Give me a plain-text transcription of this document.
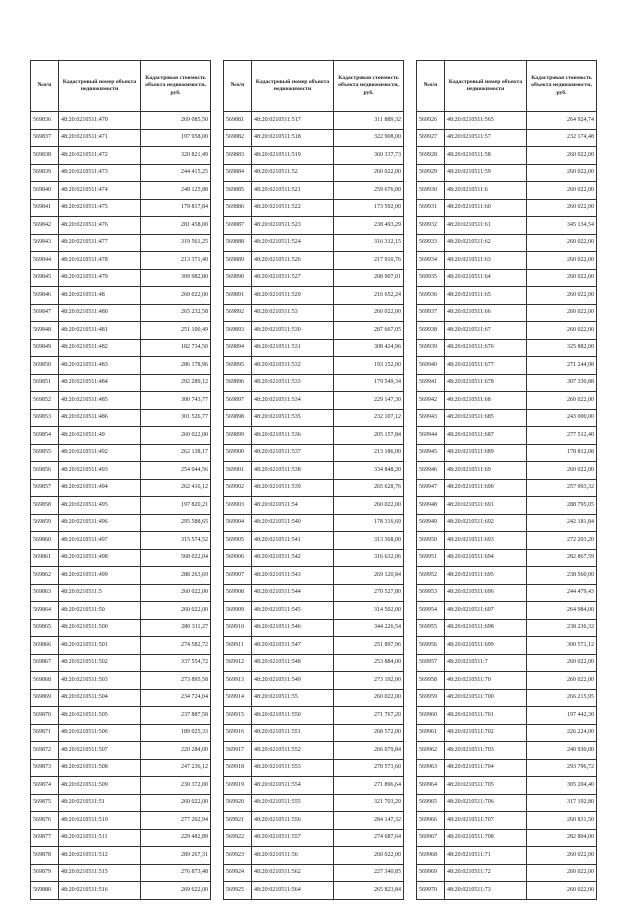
№п/п	Кадастровый номер объекта недвижимости	Кадастровая стоимость объекта недвижимости, руб.
569836	48:20:0210511:470	269 085,50
569837	48:20:0210511:471	197 958,00
569838	48:20:0210511:472	320 821,49
569839	48:20:0210511:473	244 415,25
569840	48:20:0210511:474	248 125,88
569841	48:20:0210511:475	179 817,84
569842	48:20:0210511:476	281 458,00
569843	48:20:0210511:477	319 561,25
569844	48:20:0210511:478	213 371,40
569845	48:20:0210511:479	309 982,80
569846	48:20:0210511:48	260 022,00
569847	48:20:0210511:480	265 232,58
569848	48:20:0210511:481	251 100,49
569849	48:20:0210511:482	182 734,50
569850	48:20:0210511:483	286 178,96
569851	48:20:0210511:484	292 289,12
569852	48:20:0210511:485	300 743,77
569853	48:20:0210511:486	301 526,77
569854	48:20:0210511:49	260 022,00
569855	48:20:0210511:492	262 138,17
569856	48:20:0210511:493	254 044,56
569857	48:20:0210511:494	262 416,12
569858	48:20:0210511:495	197 820,21
569859	48:20:0210511:496	295 588,65
569860	48:20:0210511:497	315 574,52
569861	48:20:0210511:498	568 022,04
569862	48:20:0210511:499	288 263,69
569863	48:20:0210511:5	260 022,00
569864	48:20:0210511:50	260 022,00
569865	48:20:0210511:500	280 311,27
569866	48:20:0210511:501	274 582,72
569867	48:20:0210511:502	337 554,72
569868	48:20:0210511:503	273 895,58
569869	48:20:0210511:504	234 724,04
569870	48:20:0210511:505	237 887,58
569871	48:20:0210511:506	189 025,33
569872	48:20:0210511:507	220 284,00
569873	48:20:0210511:508	247 236,12
569874	48:20:0210511:509	230 372,00
569875	48:20:0210511:51	260 022,00
569876	48:20:0210511:510	277 202,94
569877	48:20:0210511:511	229 482,89
569878	48:20:0210511:512	289 267,31
569879	48:20:0210511:515	276 873,48
569880	48:20:0210511:516	269 622,00
№п/п	Кадастровый номер объекта недвижимости	Кадастровая стоимость объекта недвижимости, руб.
569881	48:20:0210511:517	311 889,32
569882	48:20:0210511:518	322 908,00
569883	48:20:0210511:519	360 337,73
569884	48:20:0210511:52	260 022,00
569885	48:20:0210511:521	259 676,00
569886	48:20:0210511:522	173 592,00
569887	48:20:0210511:523	238 493,29
569888	48:20:0210511:524	316 312,15
569889	48:20:0210511:526	217 910,76
569890	48:20:0210511:527	208 907,01
569891	48:20:0210511:529	216 652,24
569892	48:20:0210511:53	260 022,00
569893	48:20:0210511:530	287 667,05
569894	48:20:0210511:531	308 424,96
569895	48:20:0210511:532	193 152,00
569896	48:20:0210511:533	179 549,34
569897	48:20:0210511:534	229 147,30
569898	48:20:0210511:535	232 107,12
569899	48:20:0210511:536	205 157,84
569900	48:20:0210511:537	213 186,00
569901	48:20:0210511:538	334 848,20
569902	48:20:0210511:539	265 628,76
569903	48:20:0210511:54	260 022,00
569904	48:20:0210511:540	178 316,69
569905	48:20:0210511:541	313 368,00
569906	48:20:0210511:542	316 632,06
569907	48:20:0210511:543	269 120,84
569908	48:20:0210511:544	270 527,80
569909	48:20:0210511:545	314 502,00
569910	48:20:0210511:546	344 226,54
569911	48:20:0210511:547	251 897,96
569912	48:20:0210511:548	253 884,00
569913	48:20:0210511:549	273 192,00
569914	48:20:0210511:55	260 022,00
569915	48:20:0210511:550	271 767,20
569916	48:20:0210511:551	268 572,00
569917	48:20:0210511:552	266 079,84
569918	48:20:0210511:553	270 573,60
569919	48:20:0210511:554	271 896,64
569920	48:20:0210511:555	321 703,20
569921	48:20:0210511:556	284 147,32
569922	48:20:0210511:557	274 687,64
569923	48:20:0210511:56	260 022,00
569924	48:20:0210511:562	227 340,85
569925	48:20:0210511:564	265 823,84
№п/п	Кадастровый номер объекта недвижимости	Кадастровая стоимость объекта недвижимости, руб.
569926	48:20:0210511:565	264 924,74
569927	48:20:0210511:57	232 174,48
569928	48:20:0210511:58	260 022,00
569929	48:20:0210511:59	260 022,00
569930	48:20:0210511:6	260 022,00
569931	48:20:0210511:60	260 022,00
569932	48:20:0210511:61	345 134,54
569933	48:20:0210511:62	260 022,00
569934	48:20:0210511:63	260 022,00
569935	48:20:0210511:64	260 022,00
569936	48:20:0210511:65	260 022,00
569937	48:20:0210511:66	260 022,00
569938	48:20:0210511:67	260 022,00
569939	48:20:0210511:676	325 882,00
569940	48:20:0210511:677	271 244,98
569941	48:20:0210511:678	307 330,88
569942	48:20:0210511:68	260 022,00
569943	48:20:0210511:685	243 000,00
569944	48:20:0210511:687	277 512,40
569945	48:20:0210511:689	178 812,08
569946	48:20:0210511:69	260 022,00
569947	48:20:0210511:690	257 993,32
569948	48:20:0210511:691	288 795,05
569949	48:20:0210511:692	242 181,84
569950	48:20:0210511:693	272 203,20
569951	48:20:0210511:694	282 867,59
569952	48:20:0210511:695	238 560,00
569953	48:20:0210511:696	244 479,43
569954	48:20:0210511:697	264 984,00
569955	48:20:0210511:698	238 236,32
569956	48:20:0210511:699	300 571,12
569957	48:20:0210511:7	260 022,00
569958	48:20:0210511:70	260 022,00
569959	48:20:0210511:700	266 215,95
569960	48:20:0210511:701	197 442,30
569961	48:20:0210511:702	226 224,00
569962	48:20:0210511:703	240 930,00
569963	48:20:0210511:704	293 796,72
569964	48:20:0210511:705	305 204,40
569965	48:20:0210511:706	317 192,80
569966	48:20:0210511:707	260 831,50
569967	48:20:0210511:708	282 804,00
569968	48:20:0210511:71	260 022,00
569969	48:20:0210511:72	260 022,00
569970	48:20:0210511:73	260 022,00
